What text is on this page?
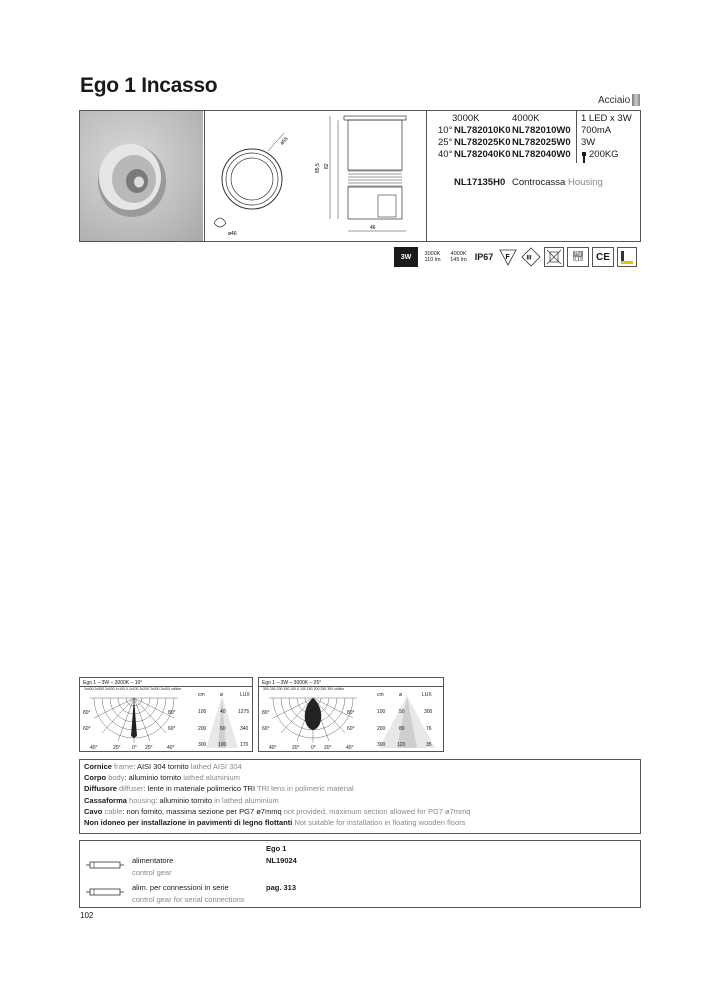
Ego 1 Incasso
Acciaio
ø55
85,5 82
46
ø46
3000K	4000K
10° NL782010K0 NL782010W0
1 LED x 3W
25° NL782025K0 NL782025W0
700mA
40° NL782040K0 NL782040W0
3W
200KG
NL17135H0 Controcassa Housing
3W	3000K
110 lm
4000K
145 lm IP67 F	III
Hg
0,19	CE
Ego 1 – 3W – 3000K – 10°
2x400 2x300 2x200 1x100 0 1x100 2x200 2x300 2x400 cd/klm
80°
60°
80°
60°
40°	20° 0° 20°	40°
cm	ø	LUX
100	40 1275
200	60	340
300 100	170
Ego 1 – 3W – 3000K – 25°
300 250 200 150 100 0 100 150 200 250 300 cd/klm
80°
60°
80°
60°
40°	20° 0° 20°	40°
cm	ø	LUX
100	50	300
200	80	76
300 120	35
Cornice frame: AISI 304 tornito lathed AISI 304
Corpo body: alluminio tornito lathed aluminium
Diffusore diffuser: lente in materiale polimerico TRI TRI lens in polimeric material
Cassaforma housing: alluminio tornito in lathed aluminium
Cavo cable: non fornito, massima sezione per PG7 ø7mmq not provided, maximum section allowed for PG7 ø7mmq
Non idoneo per installazione in pavimenti di legno flottanti Not suitable for installation in floating wooden floors
Ego 1
alimentatore
control gear
NL19024
alim. per connessioni in serie
control gear for serial connections
pag. 313
102
